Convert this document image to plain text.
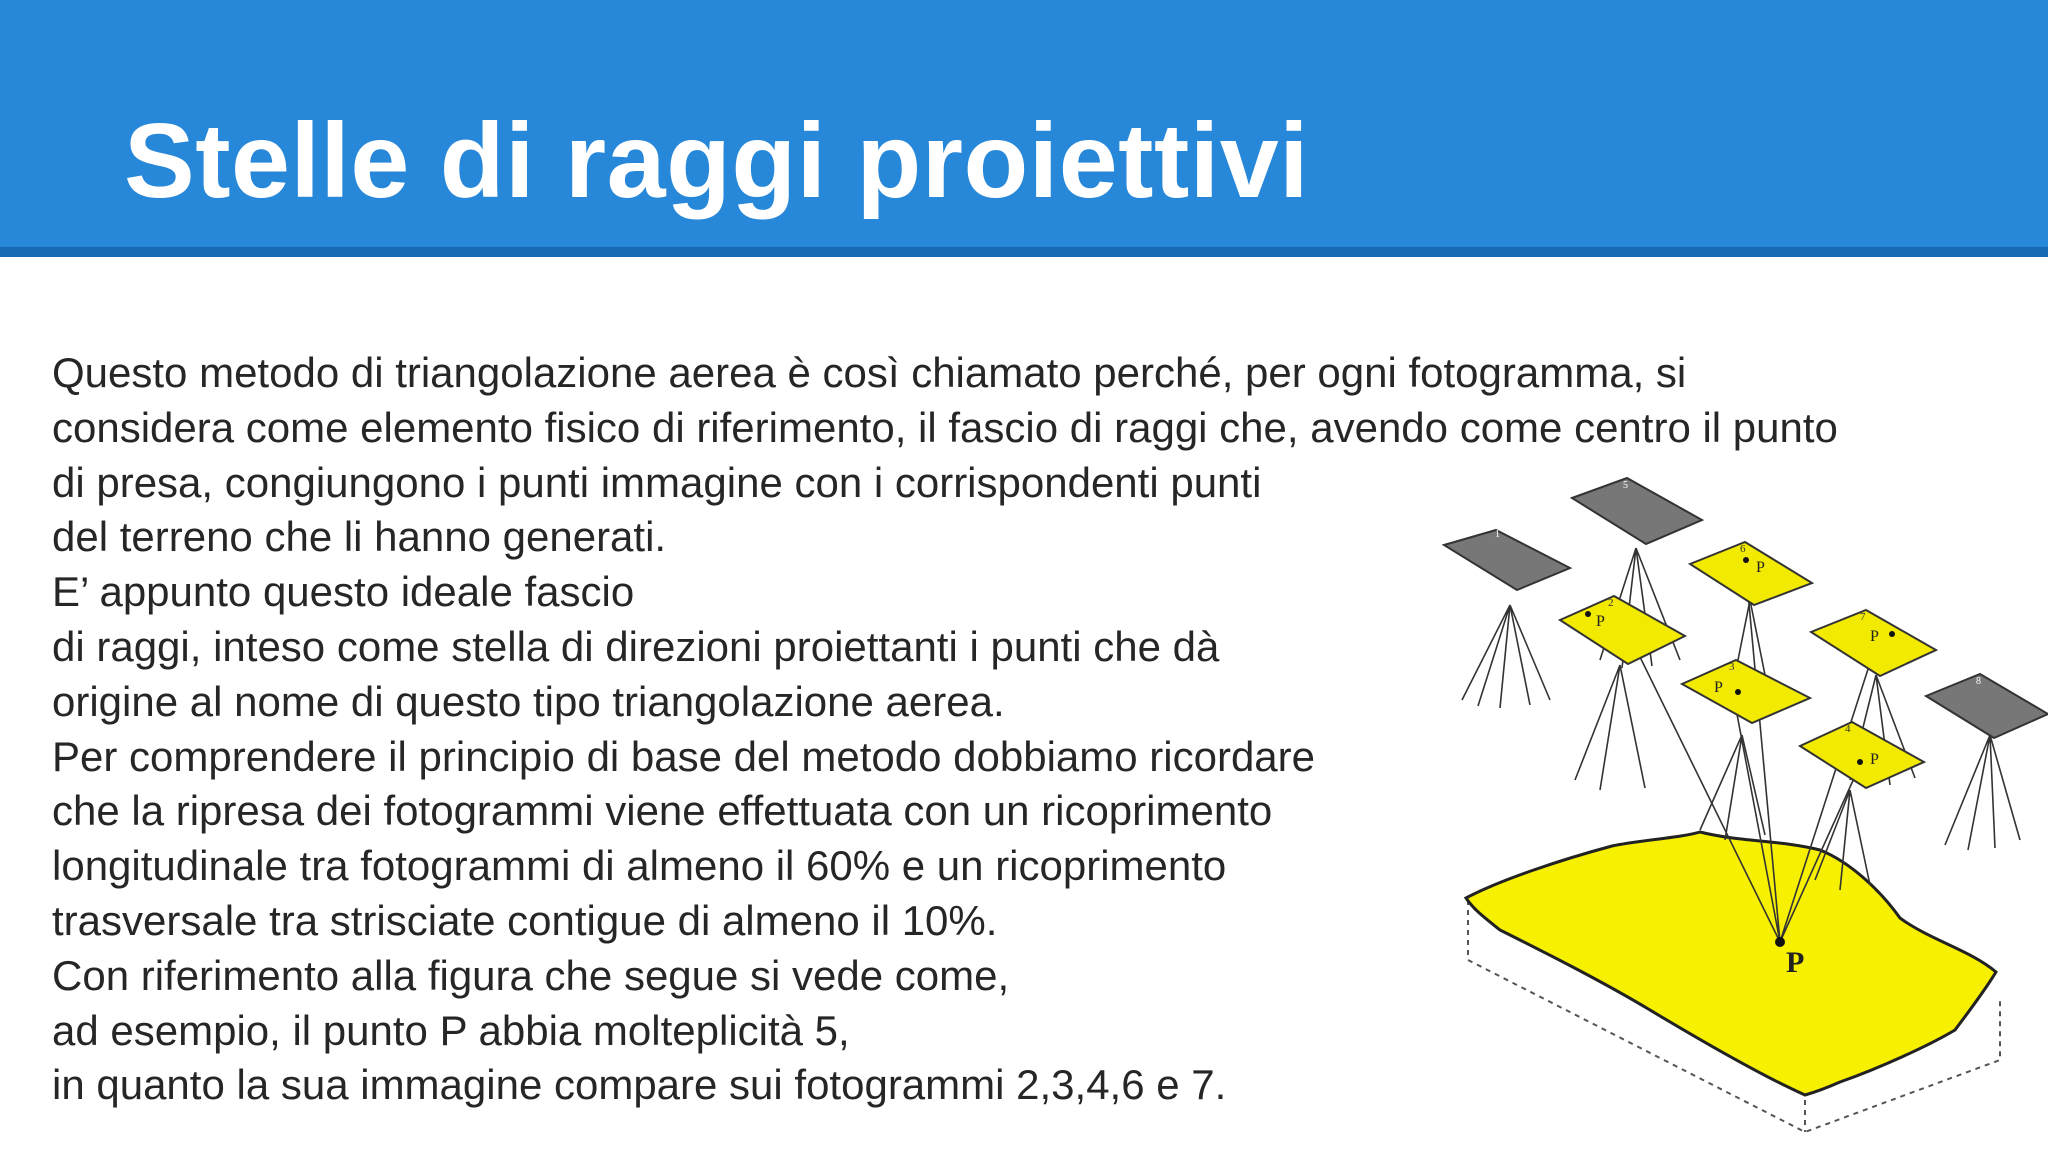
Stelle di raggi proiettivi
Questo metodo di triangolazione aerea è così chiamato perché, per ogni fotogramma, si
considera come elemento fisico di riferimento, il fascio di raggi che, avendo come centro il punto
di presa, congiungono i punti immagine con i corrispondenti punti
del terreno che li hanno generati.
E’ appunto questo ideale fascio
di raggi, inteso come stella di direzioni proiettanti i punti che dà
origine al nome di questo tipo triangolazione aerea.
Per comprendere il principio di base del metodo dobbiamo ricordare
che la ripresa dei fotogrammi viene effettuata con un ricoprimento
longitudinale tra fotogrammi di almeno il 60% e un ricoprimento
trasversale tra strisciate contigue di almeno il 10%.
Con riferimento alla figura che segue si vede come,
ad esempio, il punto P abbia molteplicità 5,
in quanto la sua immagine compare sui fotogrammi 2,3,4,6 e 7.
1
5
6
P
2
P	7
P
3
P
4
P
8
P
